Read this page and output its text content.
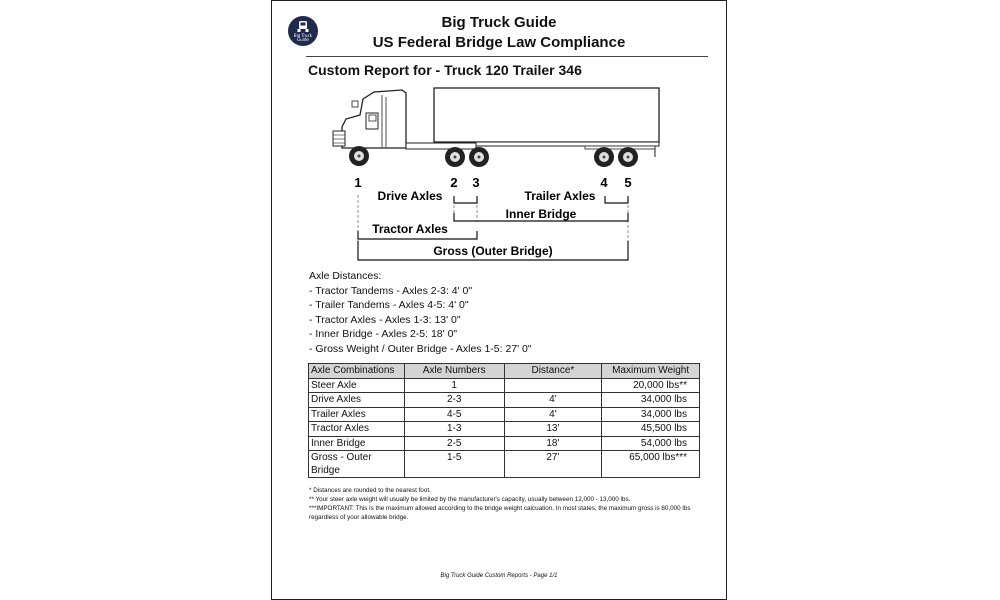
Big Truck Guide
Big Truck Guide
US Federal Bridge Law Compliance
Custom Report for - Truck 120 Trailer 346
1	2 3	4 5
Drive Axles	Trailer Axles
Inner Bridge
Tractor Axles
Gross (Outer Bridge)
Axle Distances:
- Tractor Tandems - Axles 2-3: 4' 0"
- Trailer Tandems - Axles 4-5: 4' 0"
- Tractor Axles - Axles 1-3: 13' 0"
- Inner Bridge - Axles 2-5: 18' 0"
- Gross Weight / Outer Bridge - Axles 1-5: 27' 0"
Axle Combinations	Axle Numbers	Distance*	Maximum Weight
Steer Axle	1		20,000 lbs**
Drive Axles	2-3	4'	34,000 lbs
Trailer Axles	4-5	4'	34,000 lbs
Tractor Axles	1-3	13'	45,500 lbs
Inner Bridge	2-5	18'	54,000 lbs
Gross - Outer Bridge	1-5	27'	65,000 lbs***
* Distances are rounded to the nearest foot.
** Your steer axle weight will usually be limited by the manufacturer's capacity, usually between 12,000 - 13,000 lbs.
***IMPORTANT: This is the maximum allowed according to the bridge weight calcuation. In most states, the maximum gross is 80,000 lbs regardless of your allowable bridge.
Big Truck Guide Custom Reports - Page 1/1
